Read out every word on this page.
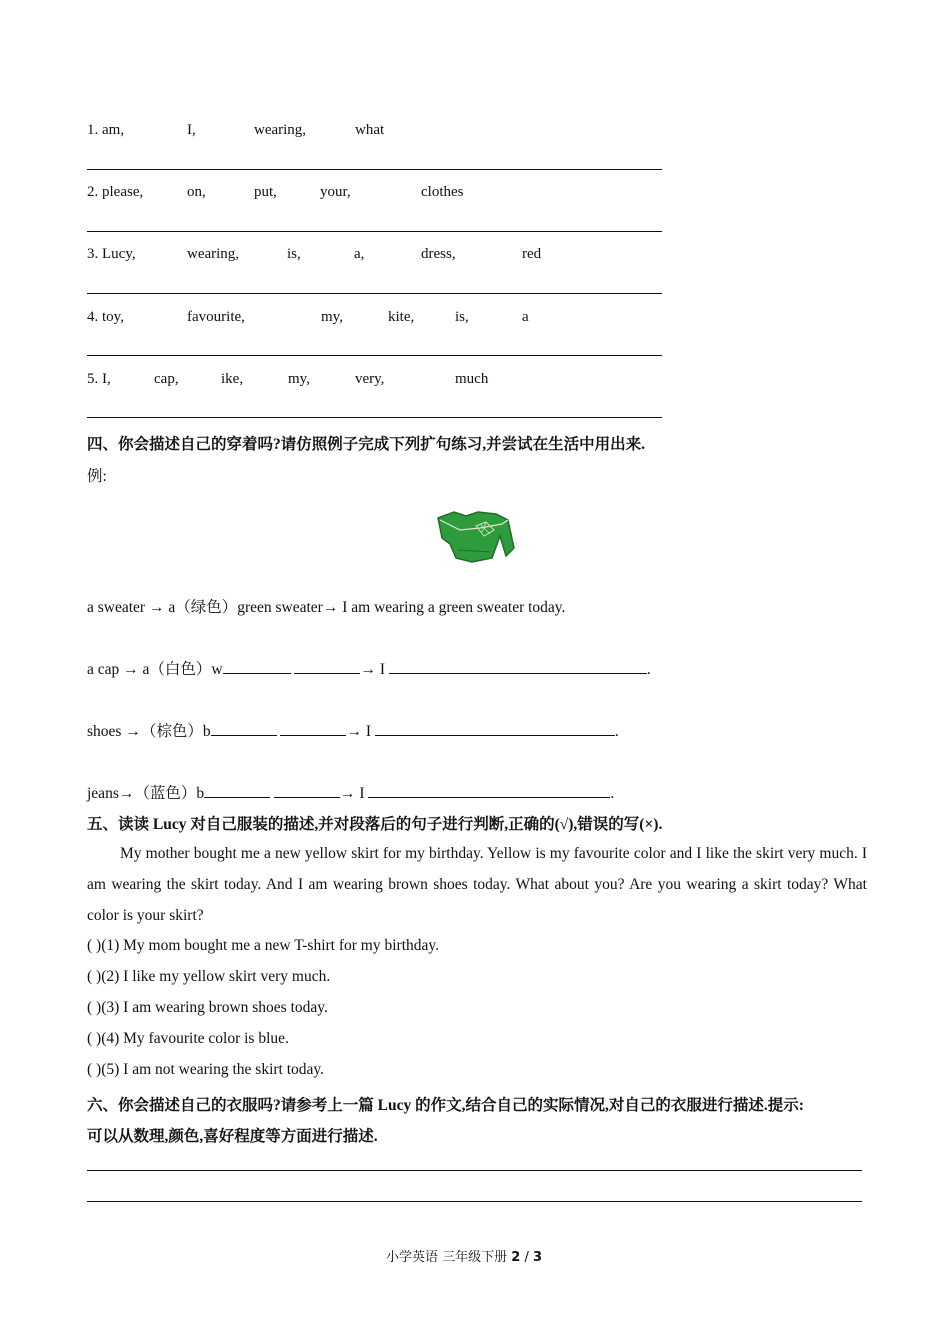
1. am,	I,	wearing,	what
2. please,	on,	put,	your,	clothes
3. Lucy,	wearing,	is,	a,	dress,	red
4. toy,	favourite,	my,	kite,	is,	a
5. I,	cap,	ike,	my,	very,	much
四、你会描述自己的穿着吗?请仿照例子完成下列扩句练习,并尝试在生活中用出来.
例:
a sweater → a（绿色）green sweater→ I am wearing a green sweater today.
a cap → a（白色）w	→ I	.
shoes →（棕色）b	→ I	.
jeans→（蓝色）b	→ I	.
五、读读 Lucy 对自己服装的描述,并对段落后的句子进行判断,正确的(√),错误的写(×).
My mother bought me a new yellow skirt for my birthday. Yellow is my favourite color and I like the skirt very much. I am wearing the skirt today. And I am wearing brown shoes today. What about you? Are you wearing a skirt today? What color is your skirt?
( )(1) My mom bought me a new T-shirt for my birthday.
( )(2) I like my yellow skirt very much.
( )(3) I am wearing brown shoes today.
( )(4) My favourite color is blue.
( )(5) I am not wearing the skirt today.
六、你会描述自己的衣服吗?请参考上一篇 Lucy 的作文,结合自己的实际情况,对自己的衣服进行描述.提示:
可以从数理,颜色,喜好程度等方面进行描述.
小学英语 三年级下册 2 / 3
